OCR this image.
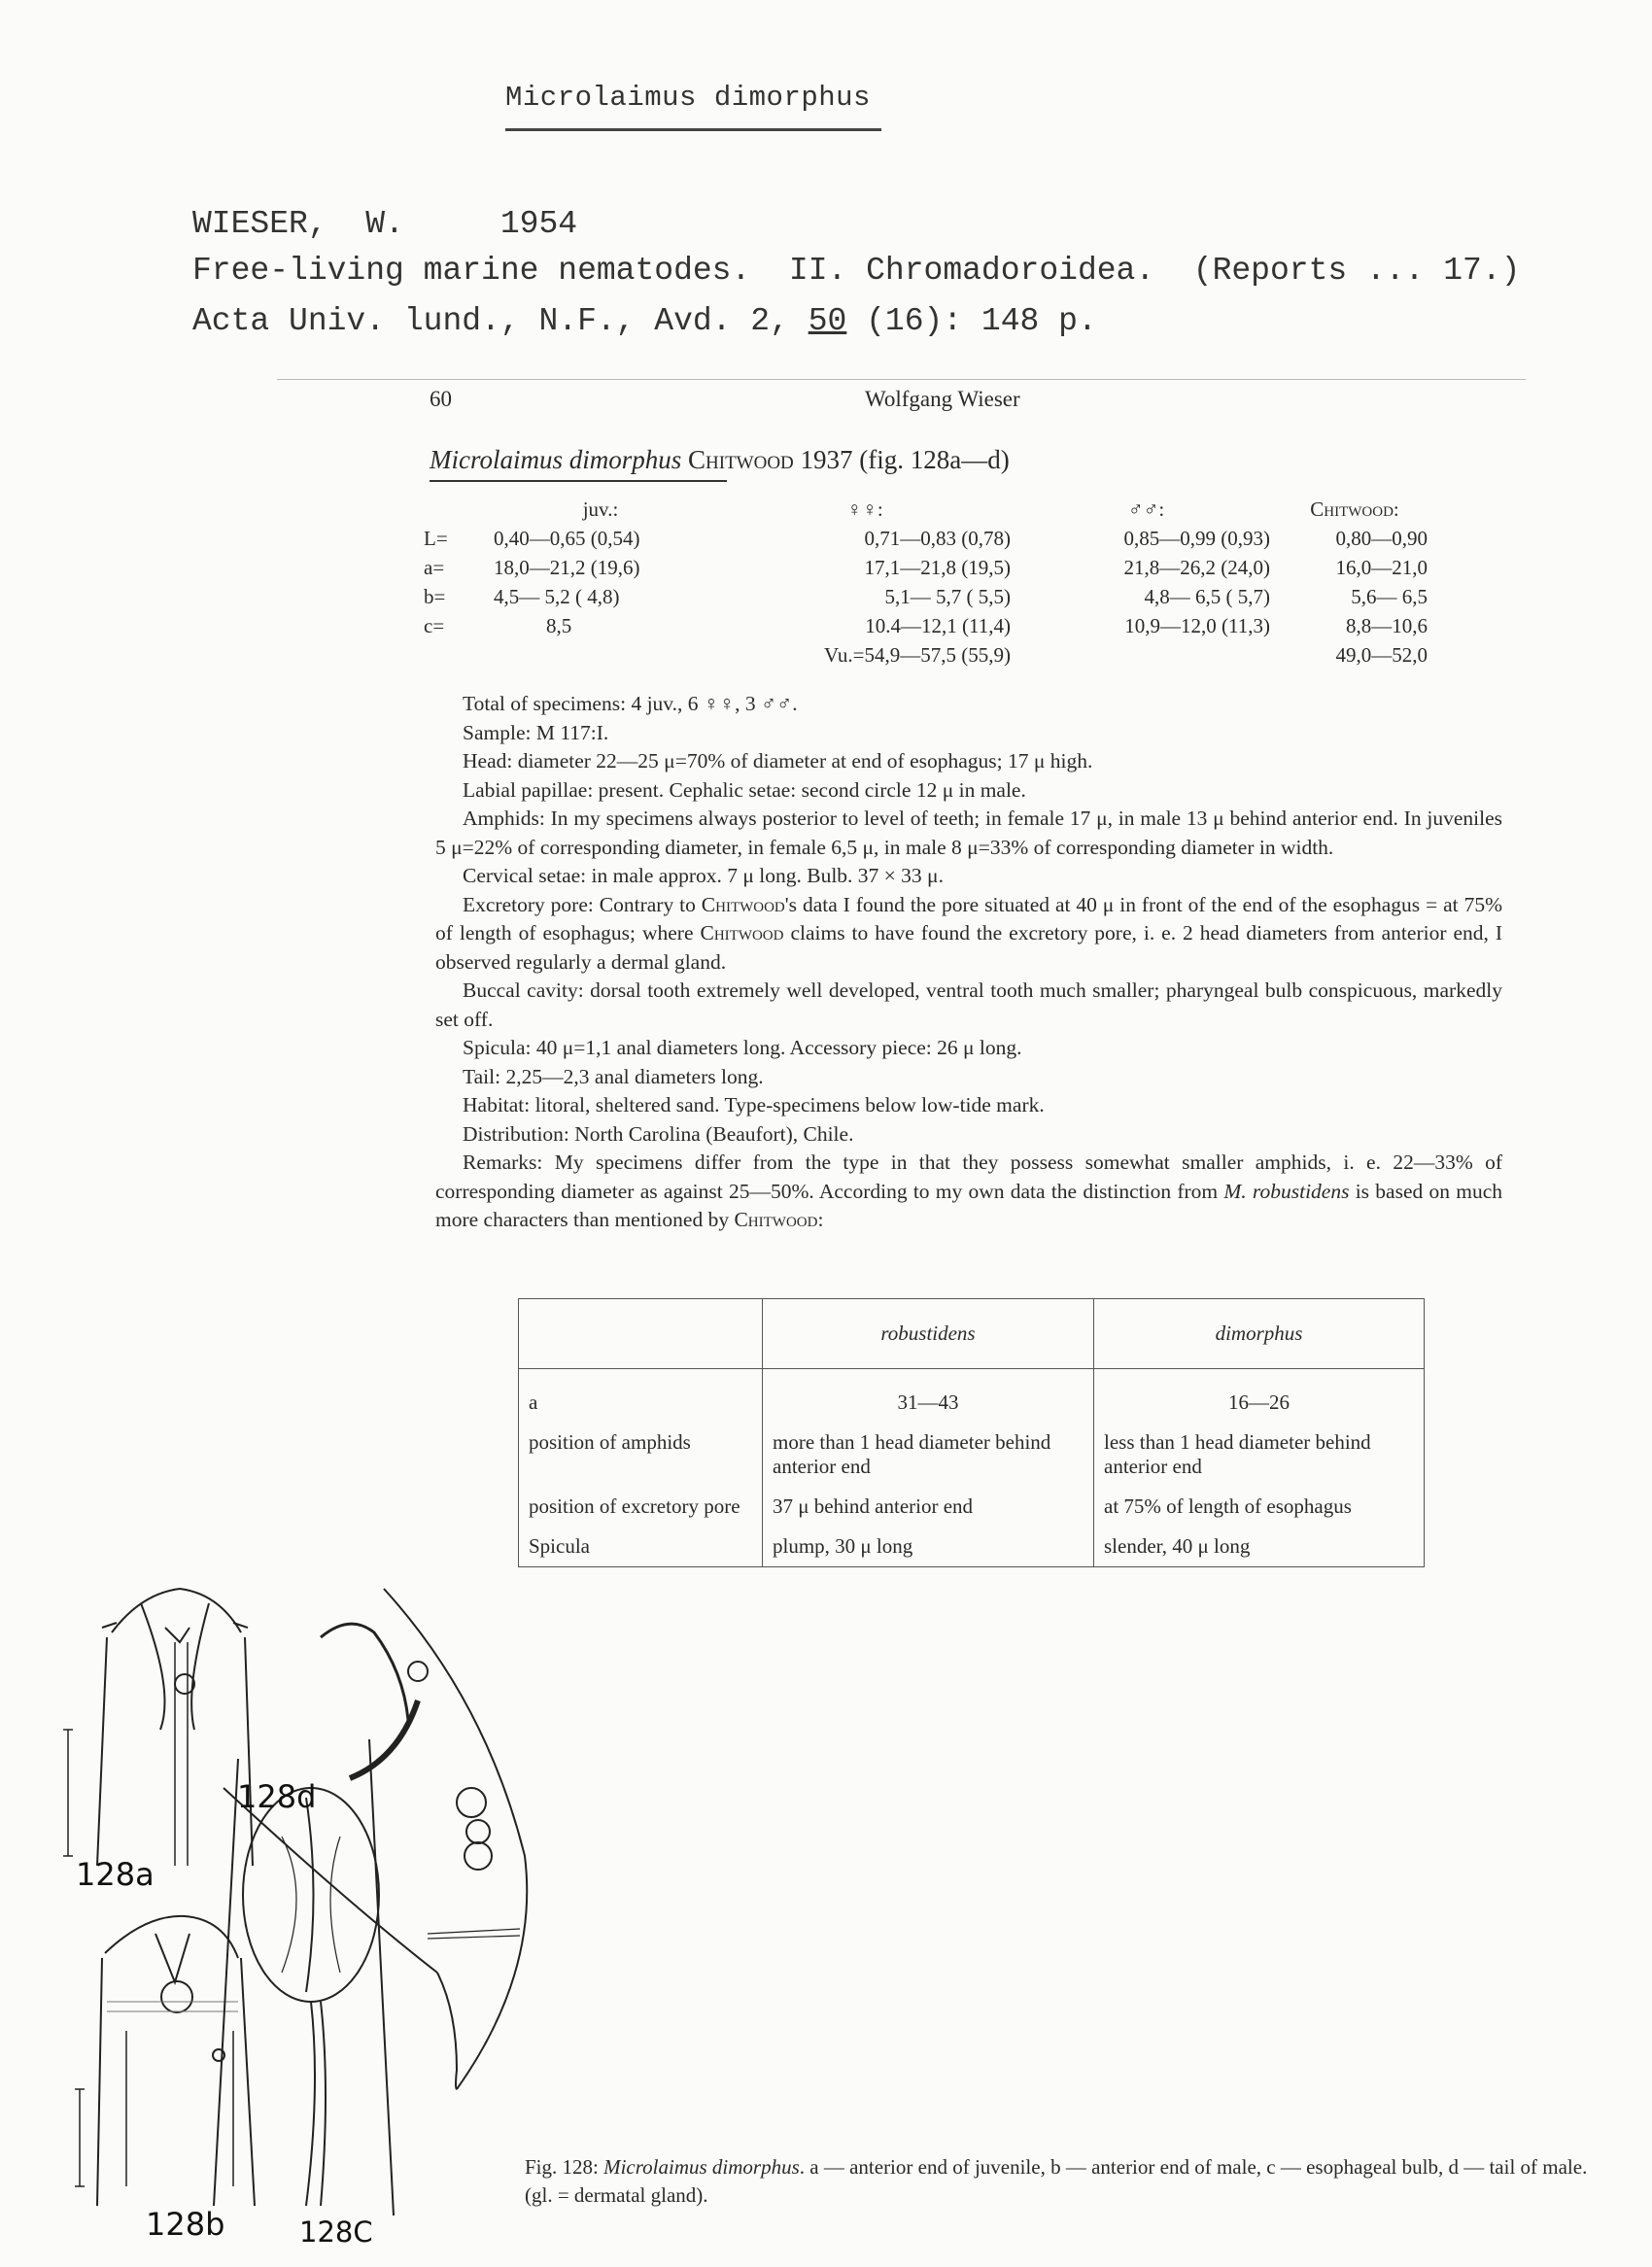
Microlaimus dimorphus
WIESER,  W.     1954
Free-living marine nematodes.  II. Chromadoroidea.  (Reports ... 17.)
Acta Univ. lund., N.F., Avd. 2, 50 (16): 148 p.
60	Wolfgang Wieser
Microlaimus dimorphus Chitwood 1937 (fig. 128a—d)
	juv.:	♀♀:	♂♂:	Chitwood:
L=	0,40—0,65 (0,54)	0,71—0,83 (0,78)	0,85—0,99 (0,93)	0,80—0,90
a=	18,0—21,2 (19,6)	17,1—21,8 (19,5)	21,8—26,2 (24,0)	16,0—21,0
b=	4,5— 5,2 ( 4,8)	5,1— 5,7 ( 5,5)	4,8— 6,5 ( 5,7)	5,6— 6,5
c=	8,5	10.4—12,1 (11,4)	10,9—12,0 (11,3)	8,8—10,6
		Vu.=54,9—57,5 (55,9)		49,0—52,0

Total of specimens: 4 juv., 6 ♀♀, 3 ♂♂.

Sample: M 117:I.

Head: diameter 22—25 μ=70% of diameter at end of esophagus; 17 μ high.

Labial papillae: present. Cephalic setae: second circle 12 μ in male.

Amphids: In my specimens always posterior to level of teeth; in female 17 μ, in male 13 μ behind anterior end. In juveniles 5 μ=22% of corresponding diameter, in female 6,5 μ, in male 8 μ=33% of corresponding diameter in width.

Cervical setae: in male approx. 7 μ long. Bulb. 37 × 33 μ.

Excretory pore: Contrary to Chitwood's data I found the pore situated at 40 μ in front of the end of the esophagus = at 75% of length of esophagus; where Chitwood claims to have found the excretory pore, i. e. 2 head diameters from anterior end, I observed regularly a dermal gland.

Buccal cavity: dorsal tooth extremely well developed, ventral tooth much smaller; pharyngeal bulb conspicuous, markedly set off.

Spicula: 40 μ=1,1 anal diameters long. Accessory piece: 26 μ long.

Tail: 2,25—2,3 anal diameters long.

Habitat: litoral, sheltered sand. Type-specimens below low-tide mark.

Distribution: North Carolina (Beaufort), Chile.

Remarks: My specimens differ from the type in that they possess somewhat smaller amphids, i. e. 22—33% of corresponding diameter as against 25—50%. According to my own data the distinction from M. robustidens is based on much more characters than mentioned by Chitwood:

	robustidens	dimorphus
a	31—43	16—26
position of amphids	more than 1 head diameter behind anterior end	less than 1 head diameter behind anterior end
position of excretory pore	37 μ behind anterior end	at 75% of length of esophagus
Spicula	plump, 30 μ long	slender, 40 μ long
128a
128b	128C
128d
Fig. 128: Microlaimus dimorphus. a — anterior end of juvenile, b — anterior end of male, c — esophageal bulb, d — tail of male. (gl. = dermatal gland).
